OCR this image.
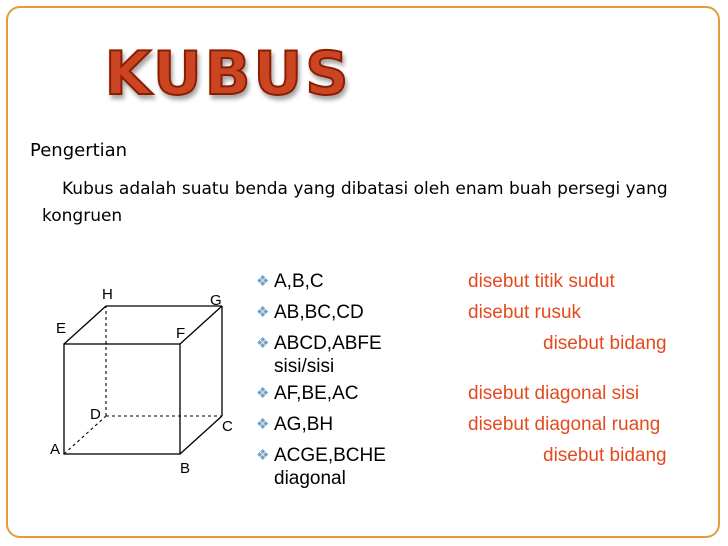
KUBUS
Pengertian
Kubus adalah suatu benda yang dibatasi oleh enam buah persegi yang kongruen
A
B
C
D
E	F
G
H
❖ A,B,C	disebut titik sudut
❖ AB,BC,CD	disebut rusuk
❖ ABCD,ABFE	disebut bidang
sisi/sisi
❖ AF,BE,AC	disebut diagonal sisi
❖ AG,BH	disebut diagonal ruang
❖ ACGE,BCHE	disebut bidang
diagonal
